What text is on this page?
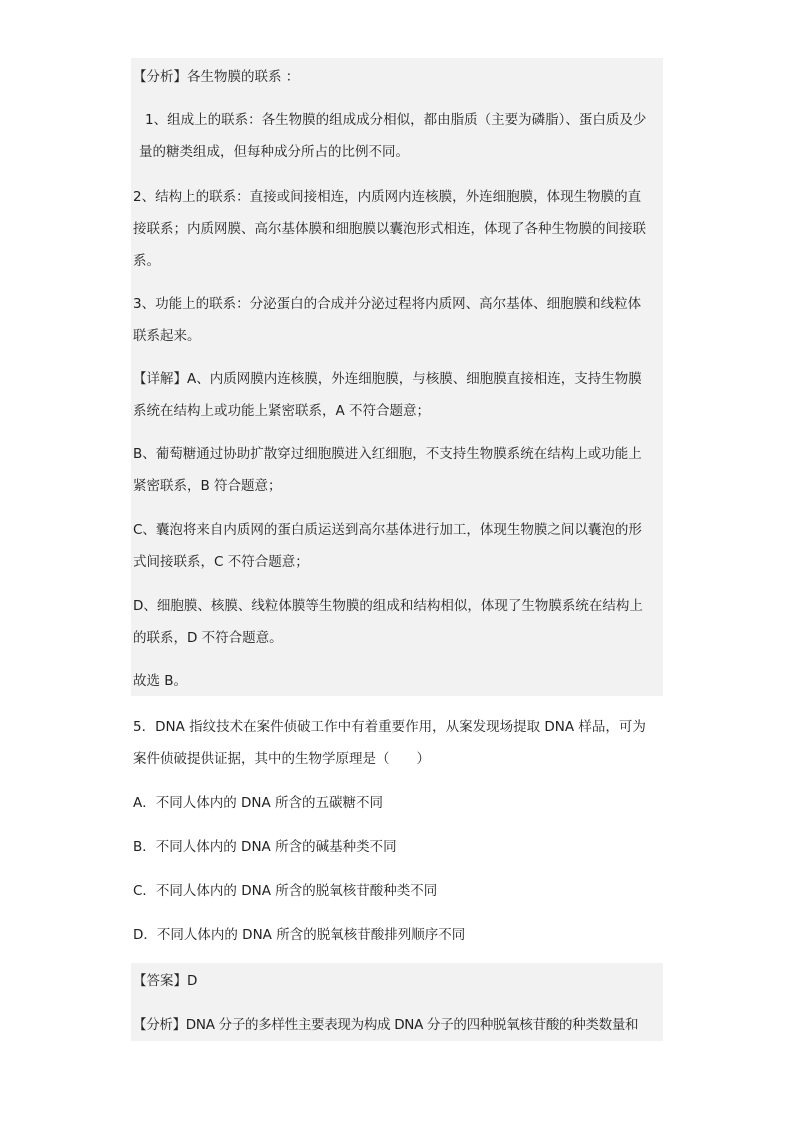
【分析】各生物膜的联系 ：
1、组成上的联系：各生物膜的组成成分相似，都由脂质（主要为磷脂）、蛋白质及少
量的糖类组成，但每种成分所占的比例不同。
2、结构上的联系：直接或间接相连，内质网内连核膜，外连细胞膜，体现生物膜的直
接联系；内质网膜、高尔基体膜和细胞膜以囊泡形式相连，体现了各种生物膜的间接联
系。
3、功能上的联系：分泌蛋白的合成并分泌过程将内质网、高尔基体、细胞膜和线粒体
联系起来。
【详解】A、内质网膜内连核膜，外连细胞膜，与核膜、细胞膜直接相连，支持生物膜
系统在结构上或功能上紧密联系，A 不符合题意；
B、葡萄糖通过协助扩散穿过细胞膜进入红细胞，不支持生物膜系统在结构上或功能上
紧密联系，B 符合题意；
C、囊泡将来自内质网的蛋白质运送到高尔基体进行加工，体现生物膜之间以囊泡的形
式间接联系，C 不符合题意；
D、细胞膜、核膜、线粒体膜等生物膜的组成和结构相似，体现了生物膜系统在结构上
的联系，D 不符合题意。
故选 B。
5．DNA 指纹技术在案件侦破工作中有着重要作用，从案发现场提取 DNA 样品，可为
案件侦破提供证据，其中的生物学原理是（　　）
A．不同人体内的 DNA 所含的五碳糖不同
B．不同人体内的 DNA 所含的碱基种类不同
C．不同人体内的 DNA 所含的脱氧核苷酸种类不同
D．不同人体内的 DNA 所含的脱氧核苷酸排列顺序不同
【答案】D
【分析】DNA 分子的多样性主要表现为构成 DNA 分子的四种脱氧核苷酸的种类数量和
